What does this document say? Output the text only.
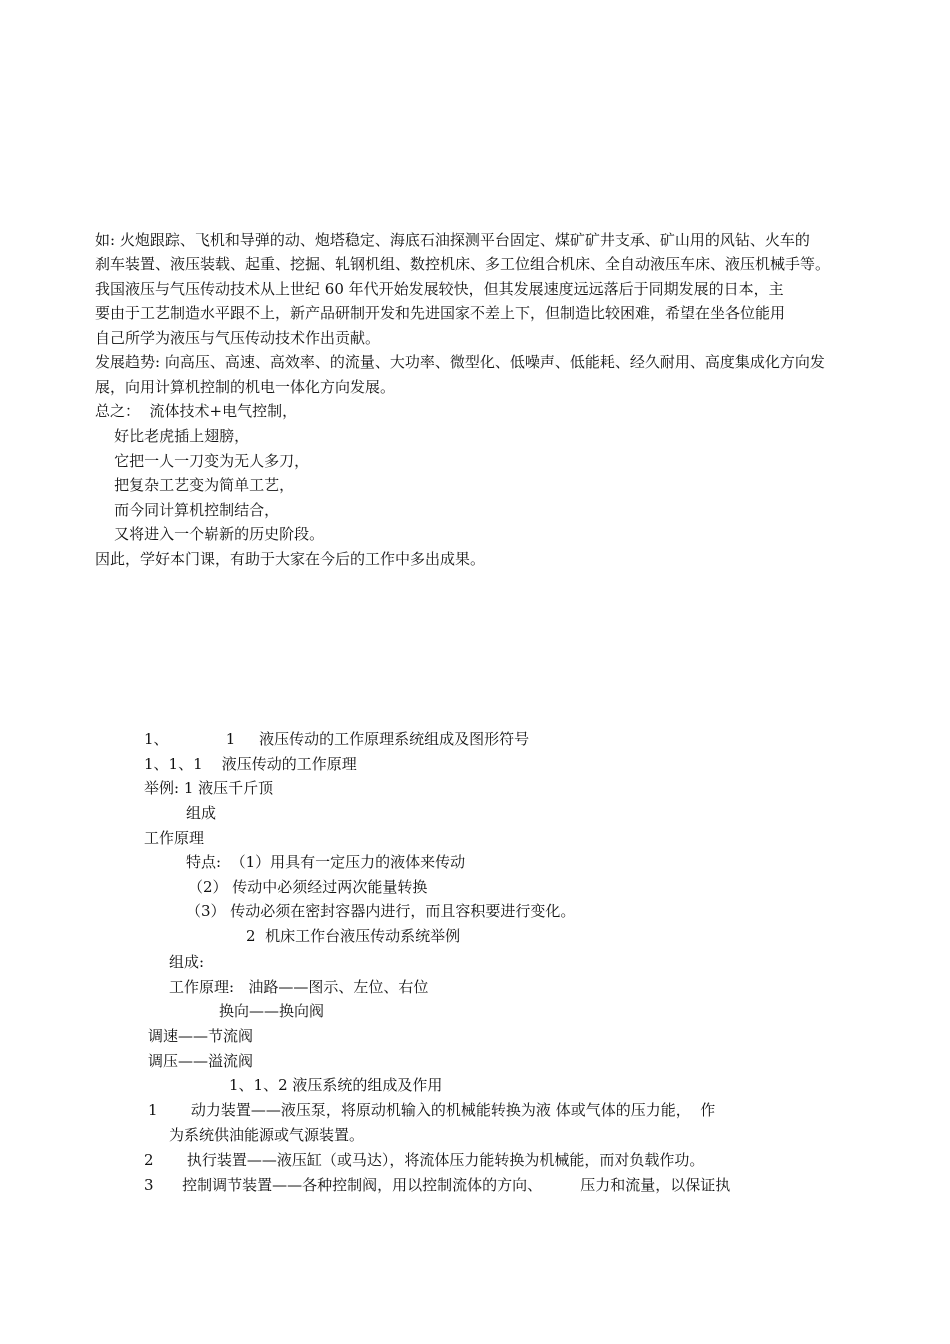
如: 火炮跟踪、飞机和导弹的动、炮塔稳定、海底石油探测平台固定、煤矿矿井支承、矿山用的风钻、火车的
刹车装置、液压装载、起重、挖掘、轧钢机组、数控机床、多工位组合机床、全自动液压车床、液压机械手等。
我国液压与气压传动技术从上世纪 60 年代开始发展较快，但其发展速度远远落后于同期发展的日本，主
要由于工艺制造水平跟不上，新产品研制开发和先进国家不差上下，但制造比较困难，希望在坐各位能用
自己所学为液压与气压传动技术作出贡献。
发展趋势: 向高压、高速、高效率、的流量、大功率、微型化、低噪声、低能耗、经久耐用、高度集成化方向发
展，向用计算机控制的机电一体化方向发展。
总之：  流体技术+电气控制，
好比老虎插上翅膀，
它把一人一刀变为无人多刀，
把复杂工艺变为简单工艺，
而今同计算机控制结合，
又将进入一个崭新的历史阶段。
因此，学好本门课，有助于大家在今后的工作中多出成果。
1、            1     液压传动的工作原理系统组成及图形符号
1、1、1    液压传动的工作原理
举例: 1 液压千斤顶
组成
工作原理
特点:  （1）用具有一定压力的液体来传动
（2） 传动中必须经过两次能量转换
（3） 传动必须在密封容器内进行，而且容积要进行变化。
2  机床工作台液压传动系统举例
组成:
工作原理:   油路——图示、左位、右位
换向——换向阀
调速——节流阀
调压——溢流阀
1、1、2 液压系统的组成及作用
1       动力装置——液压泵，将原动机输入的机械能转换为液 体或气体的压力能，  作
为系统供油能源或气源装置。
2       执行装置——液压缸（或马达），将流体压力能转换为机械能，而对负载作功。
3      控制调节装置——各种控制阀，用以控制流体的方向、        压力和流量，以保证执
